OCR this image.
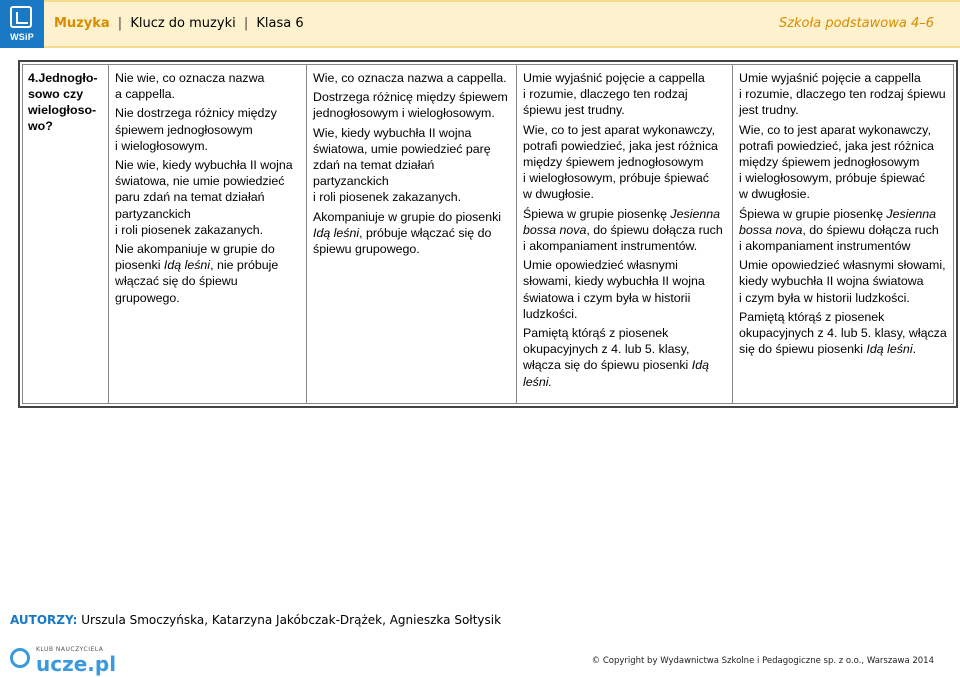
WSiP
Muzyka | Klucz do muzyki | Klasa 6	Szkoła podstawowa 4–6
4.Jednogło-
sowo czy
wielogłoso-
wo?

Nie wie, co oznacza nazwa
a cappella.

Nie dostrzega różnicy między
śpiewem jednogłosowym
i wielogłosowym.

Nie wie, kiedy wybuchła II wojna
światowa, nie umie powiedzieć
paru zdań na temat działań
partyzanckich
i roli piosenek zakazanych.

Nie akompaniuje w grupie do
piosenki Idą leśni, nie próbuje
włączać się do śpiewu
grupowego.

Wie, co oznacza nazwa a cappella.

Dostrzega różnicę między śpiewem
jednogłosowym i wielogłosowym.

Wie, kiedy wybuchła II wojna
światowa, umie powiedzieć parę
zdań na temat działań partyzanckich
i roli piosenek zakazanych.

Akompaniuje w grupie do piosenki
Idą leśni, próbuje włączać się do
śpiewu grupowego.

Umie wyjaśnić pojęcie a cappella
i rozumie, dlaczego ten rodzaj
śpiewu jest trudny.

Wie, co to jest aparat wykonawczy,
potrafi powiedzieć, jaka jest różnica
między śpiewem jednogłosowym
i wielogłosowym, próbuje śpiewać
w dwugłosie.

Śpiewa w grupie piosenkę Jesienna
bossa nova, do śpiewu dołącza ruch
i akompaniament instrumentów.

Umie opowiedzieć własnymi
słowami, kiedy wybuchła II wojna
światowa i czym była w historii
ludzkości.

Pamiętą którąś z piosenek
okupacyjnych z 4. lub 5. klasy,
włącza się do śpiewu piosenki Idą
leśni.

Umie wyjaśnić pojęcie a cappella
i rozumie, dlaczego ten rodzaj śpiewu
jest trudny.

Wie, co to jest aparat wykonawczy,
potrafi powiedzieć, jaka jest różnica
między śpiewem jednogłosowym
i wielogłosowym, próbuje śpiewać
w dwugłosie.

Śpiewa w grupie piosenkę Jesienna
bossa nova, do śpiewu dołącza ruch
i akompaniament instrumentów

Umie opowiedzieć własnymi słowami,
kiedy wybuchła II wojna światowa
i czym była w historii ludzkości.

Pamiętą którąś z piosenek
okupacyjnych z 4. lub 5. klasy, włącza
się do śpiewu piosenki Idą leśni.

AUTORZY: Urszula Smoczyńska, Katarzyna Jakóbczak-Drążek, Agnieszka Sołtysik
KLUB NAUCZYCIELA
ucze.pl	© Copyright by Wydawnictwa Szkolne i Pedagogiczne sp. z o.o., Warszawa 2014
